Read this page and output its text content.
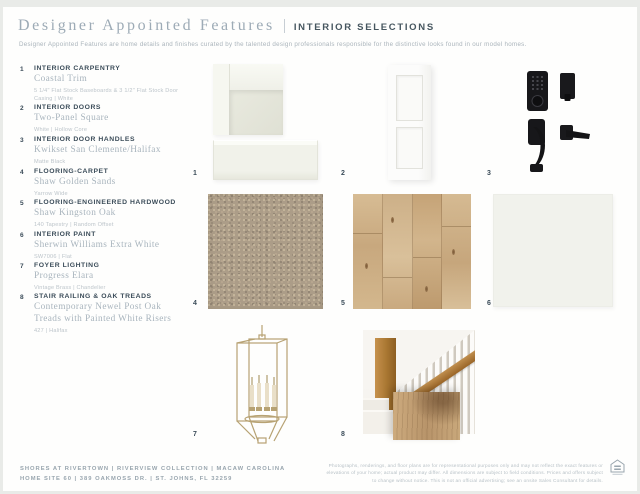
Designer Appointed Features INTERIOR SELECTIONS
Designer Appointed Features are home details and finishes curated by the talented design professionals responsible for the distinctive looks found in our model homes.
1	INTERIOR CARPENTRY
Coastal Trim
5 1/4" Flat Stock Baseboards & 3 1/2" Flat Stock Door Casing | White
2	INTERIOR DOORS
Two-Panel Square
White | Hollow Core
3	INTERIOR DOOR HANDLES
Kwikset San Clemente/Halifax
Matte Black
4	FLOORING-CARPET
Shaw Golden Sands
Yarrow Wide
5	FLOORING-ENGINEERED HARDWOOD
Shaw Kingston Oak
140 Tapestry | Random Offset
6	INTERIOR PAINT
Sherwin Williams Extra White
SW7006 | Flat
7	FOYER LIGHTING
Progress Elara
Vintage Brass | Chandelier
8	STAIR RAILING & OAK TREADS
Contemporary Newel Post Oak Treads with Painted White Risers
427 | Halifax
1	2	3
4	5	6
7	8
SHORES AT RIVERTOWN | RIVERVIEW COLLECTION | MACAW CAROLINA
HOME SITE 60 | 389 OAKMOSS DR. | ST. JOHNS, FL 32259
Photographs, renderings, and floor plans are for representational purposes only and may not reflect the exact features or elevations of your home; actual product may differ. All dimensions are subject to field conditions. Prices and offers subject to change without notice. This is not an official advertising; see an onsite Sales Consultant for details.
